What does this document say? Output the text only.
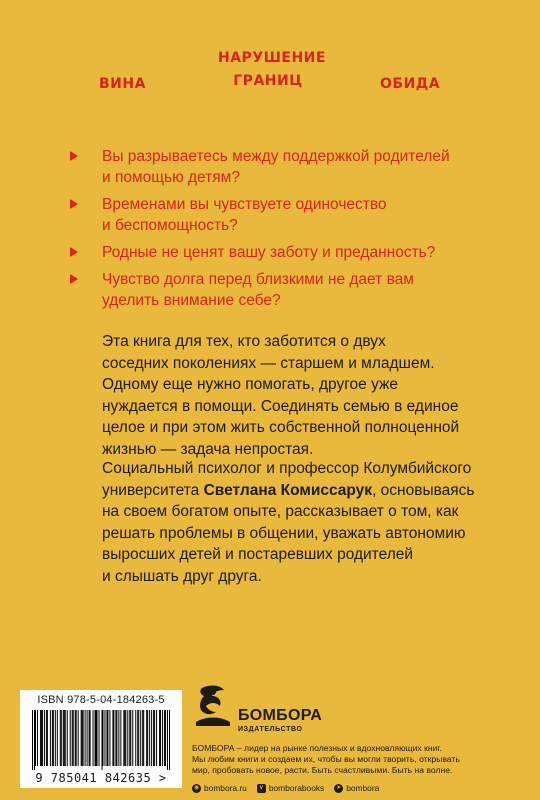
ВИНА
НАРУШЕНИЕ
ГРАНИЦ	ОБИДА
Вы разрываетесь между поддержкой родителей
и помощью детям?
Временами вы чувствуете одиночество
и беспомощность?
Родные не ценят вашу заботу и преданность?
Чувство долга перед близкими не дает вам
уделить внимание себе?
Эта книга для тех, кто заботится о двух
соседних поколениях — старшем и младшем.
Одному еще нужно помогать, другое уже
нуждается в помощи. Соединять семью в единое
целое и при этом жить собственной полноценной
жизнью — задача непростая.
Социальный психолог и профессор Колумбийского
университета Светлана Комиссарук, основываясь
на своем богатом опыте, рассказывает о том, как
решать проблемы в общении, уважать автономию
выросших детей и постаревших родителей
и слышать друг друга.
ISBN 978-5-04-184263-5
9 785041 842635 >
БОМБОРА
ИЗДАТЕЛЬСТВО
БОМБОРА – лидер на рынке полезных и вдохновляющих книг.
Мы любим книги и создаем их, чтобы вы могли творить, открывать
мир, пробовать новое, расти. Быть счастливыми. Быть на волне.
◉ bombora.ru	v bomborabooks	➤ bombora
